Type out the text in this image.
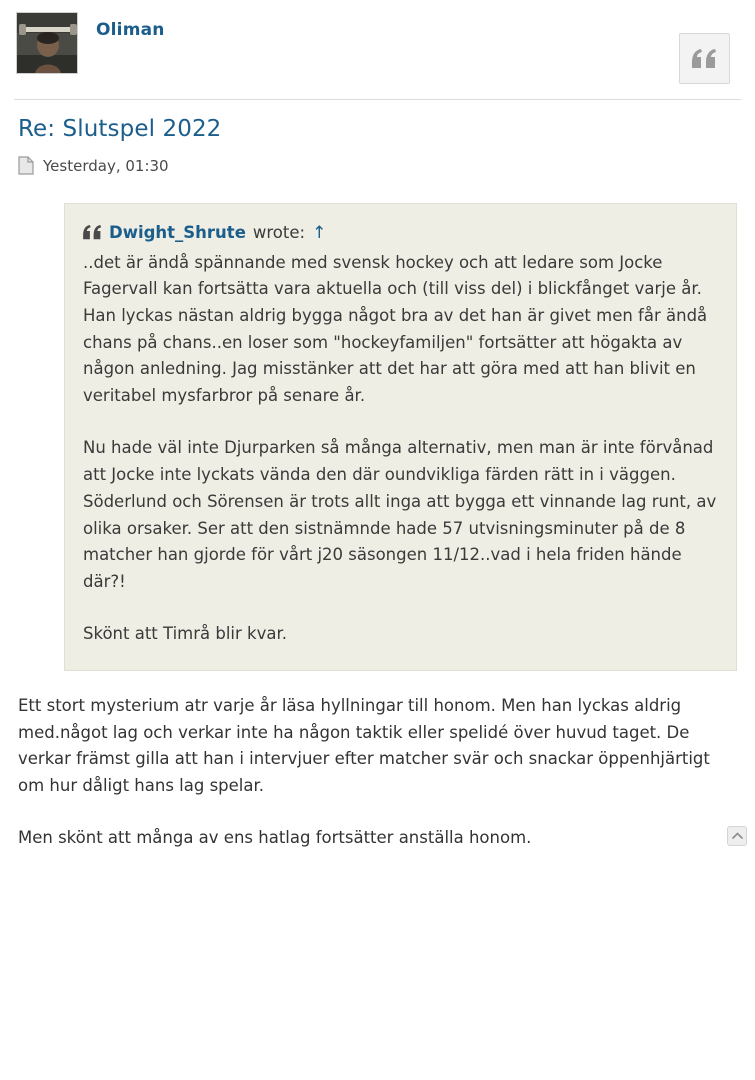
Oliman
Re: Slutspel 2022
Yesterday, 01:30
Dwight_Shrute wrote: ↑

..det är ändå spännande med svensk hockey och att ledare som Jocke Fagervall kan fortsätta vara aktuella och (till viss del) i blickfånget varje år. Han lyckas nästan aldrig bygga något bra av det han är givet men får ändå chans på chans..en loser som "hockeyfamiljen" fortsätter att högakta av någon anledning. Jag misstänker att det har att göra med att han blivit en veritabel mysfarbror på senare år.

Nu hade väl inte Djurparken så många alternativ, men man är inte förvånad att Jocke inte lyckats vända den där oundvikliga färden rätt in i väggen. Söderlund och Sörensen är trots allt inga att bygga ett vinnande lag runt, av olika orsaker. Ser att den sistnämnde hade 57 utvisningsminuter på de 8 matcher han gjorde för vårt j20 säsongen 11/12..vad i hela friden hände där?!

Skönt att Timrå blir kvar.

Ett stort mysterium atr varje år läsa hyllningar till honom. Men han lyckas aldrig med.något lag och verkar inte ha någon taktik eller spelidé över huvud taget. De verkar främst gilla att han i intervjuer efter matcher svär och snackar öppenhjärtigt om hur dåligt hans lag spelar.

Men skönt att många av ens hatlag fortsätter anställa honom.
